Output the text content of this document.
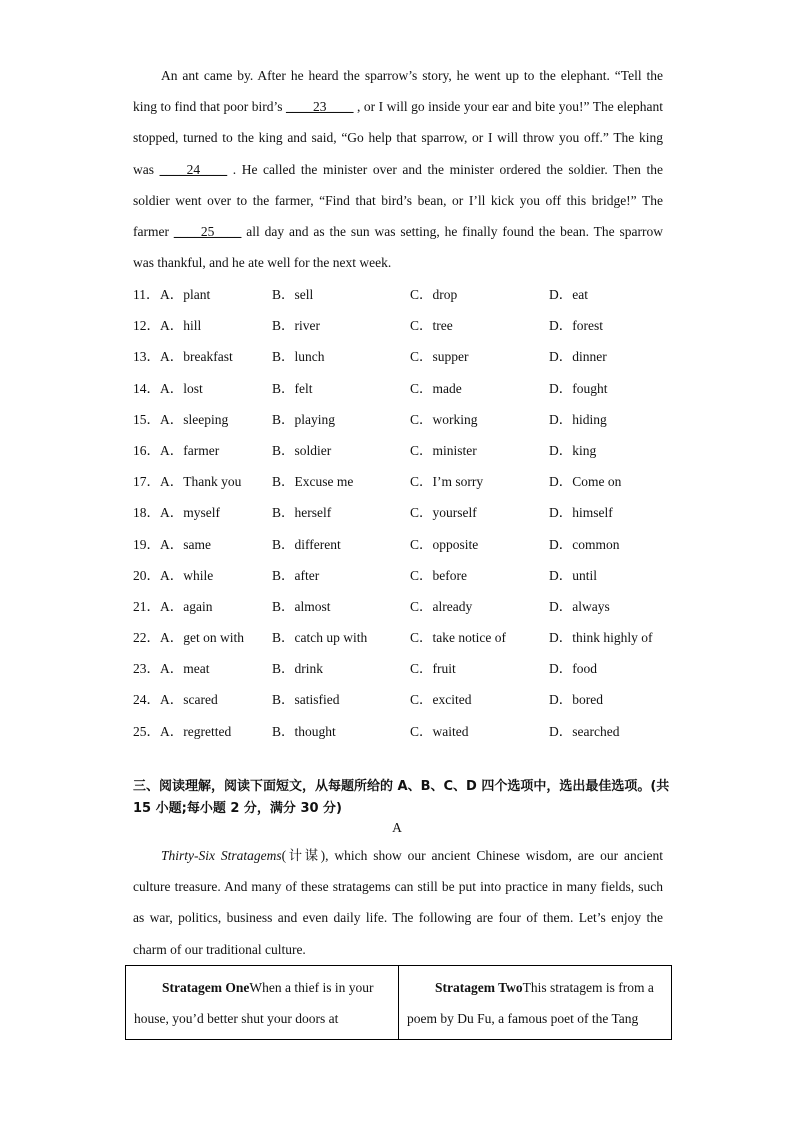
An ant came by. After he heard the sparrow’s story, he went up to the elephant. “Tell the king to find that poor bird’s ____23____ , or I will go inside your ear and bite you!” The elephant stopped, turned to the king and said, “Go help that sparrow, or I will throw you off.” The king was ____24____ . He called the minister over and the minister ordered the soldier. Then the soldier went over to the farmer, “Find that bird’s bean, or I’ll kick you off this bridge!” The farmer ____25____ all day and as the sun was setting, he finally found the bean. The sparrow was thankful, and he ate well for the next week.

11． A．plant	B．sell	C．drop	D．eat
12． A．hill	B．river	C．tree	D．forest
13． A．breakfast	B．lunch	C．supper	D．dinner
14． A．lost	B．felt	C．made	D．fought
15． A．sleeping	B．playing	C．working	D．hiding
16． A．farmer	B．soldier	C．minister	D．king
17． A．Thank you B．Excuse me	C．I’m sorry	D．Come on
18． A．myself	B．herself	C．yourself	D．himself
19． A．same	B．different	C．opposite	D．common
20． A．while	B．after	C．before	D．until
21． A．again	B．almost	C．already	D．always
22． A．get on with B．catch up with	C．take notice of	D．think highly of
23． A．meat	B．drink	C．fruit	D．food
24． A．scared	B．satisfied	C．excited	D．bored
25． A．regretted	B．thought	C．waited	D．searched

三、阅读理解，阅读下面短文，从每题所给的 A、B、C、D 四个选项中，选出最佳选项。(共 15 小题;每小题 2 分，满分 30 分)

A

Thirty-Six Stratagems(计谋), which show our ancient Chinese wisdom, are our ancient culture treasure. And many of these stratagems can still be put into practice in many fields, such as war, politics, business and even daily life. The following are four of them. Let’s enjoy the charm of our traditional culture.

Stratagem OneWhen a thief is in your house, you’d better shut your doors at
Stratagem TwoThis stratagem is from a poem by Du Fu, a famous poet of the Tang
